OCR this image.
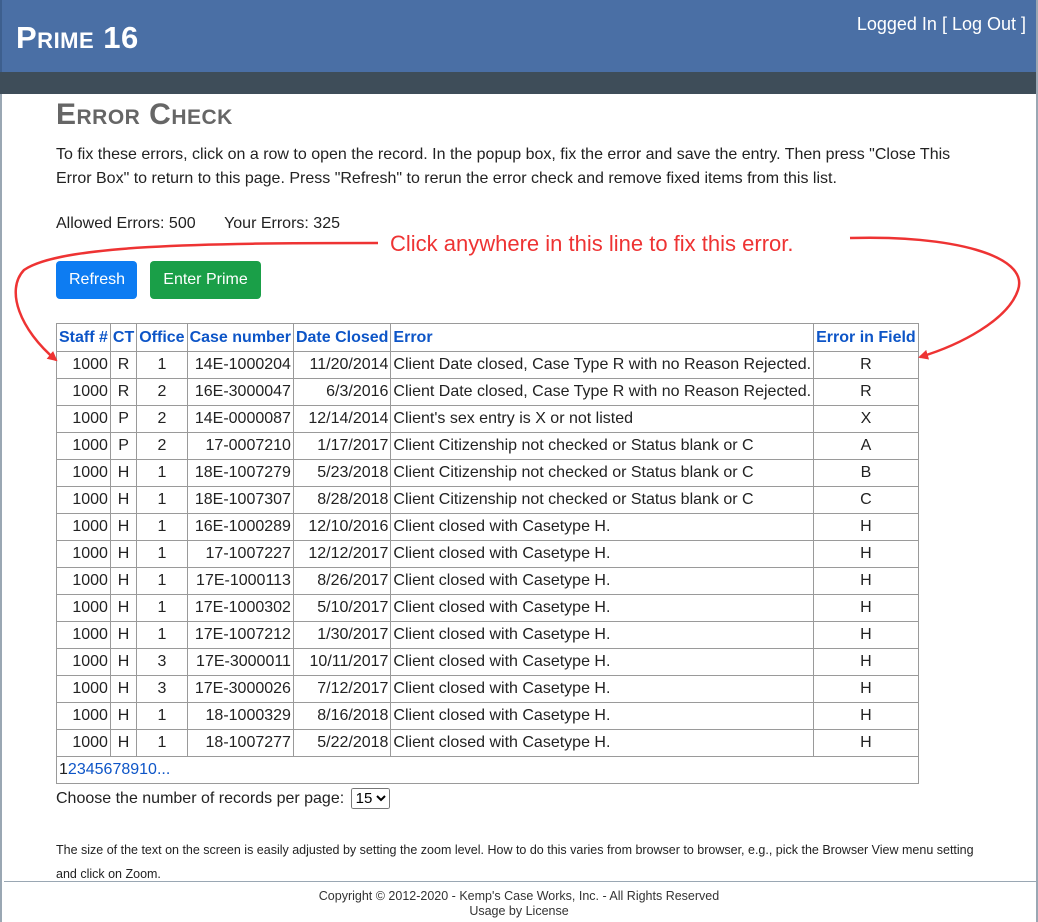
Prime 16	Logged In [ Log Out ]
Error Check
To fix these errors, click on a row to open the record. In the popup box, fix the error and save the entry. Then press "Close This Error Box" to return to this page. Press "Refresh" to rerun the error check and remove fixed items from this list.
Allowed Errors: 500 Your Errors: 325
Click anywhere in this line to fix this error.
Refresh	Enter Prime
Staff #	CT	Office	Case number	Date Closed	Error	Error in Field
1000	R	1	14E-1000204	11/20/2014	Client Date closed, Case Type R with no Reason Rejected.	R
1000	R	2	16E-3000047	6/3/2016	Client Date closed, Case Type R with no Reason Rejected.	R
1000	P	2	14E-0000087	12/14/2014	Client's sex entry is X or not listed	X
1000	P	2	17-0007210	1/17/2017	Client Citizenship not checked or Status blank or C	A
1000	H	1	18E-1007279	5/23/2018	Client Citizenship not checked or Status blank or C	B
1000	H	1	18E-1007307	8/28/2018	Client Citizenship not checked or Status blank or C	C
1000	H	1	16E-1000289	12/10/2016	Client closed with Casetype H.	H
1000	H	1	17-1007227	12/12/2017	Client closed with Casetype H.	H
1000	H	1	17E-1000113	8/26/2017	Client closed with Casetype H.	H
1000	H	1	17E-1000302	5/10/2017	Client closed with Casetype H.	H
1000	H	1	17E-1007212	1/30/2017	Client closed with Casetype H.	H
1000	H	3	17E-3000011	10/11/2017	Client closed with Casetype H.	H
1000	H	3	17E-3000026	7/12/2017	Client closed with Casetype H.	H
1000	H	1	18-1000329	8/16/2018	Client closed with Casetype H.	H
1000	H	1	18-1007277	5/22/2018	Client closed with Casetype H.	H
12345678910...						
Choose the number of records per page:
15
The size of the text on the screen is easily adjusted by setting the zoom level. How to do this varies from browser to browser, e.g., pick the Browser View menu setting and click on Zoom.
Copyright © 2012-2020 - Kemp's Case Works, Inc. - All Rights Reserved
Usage by License
